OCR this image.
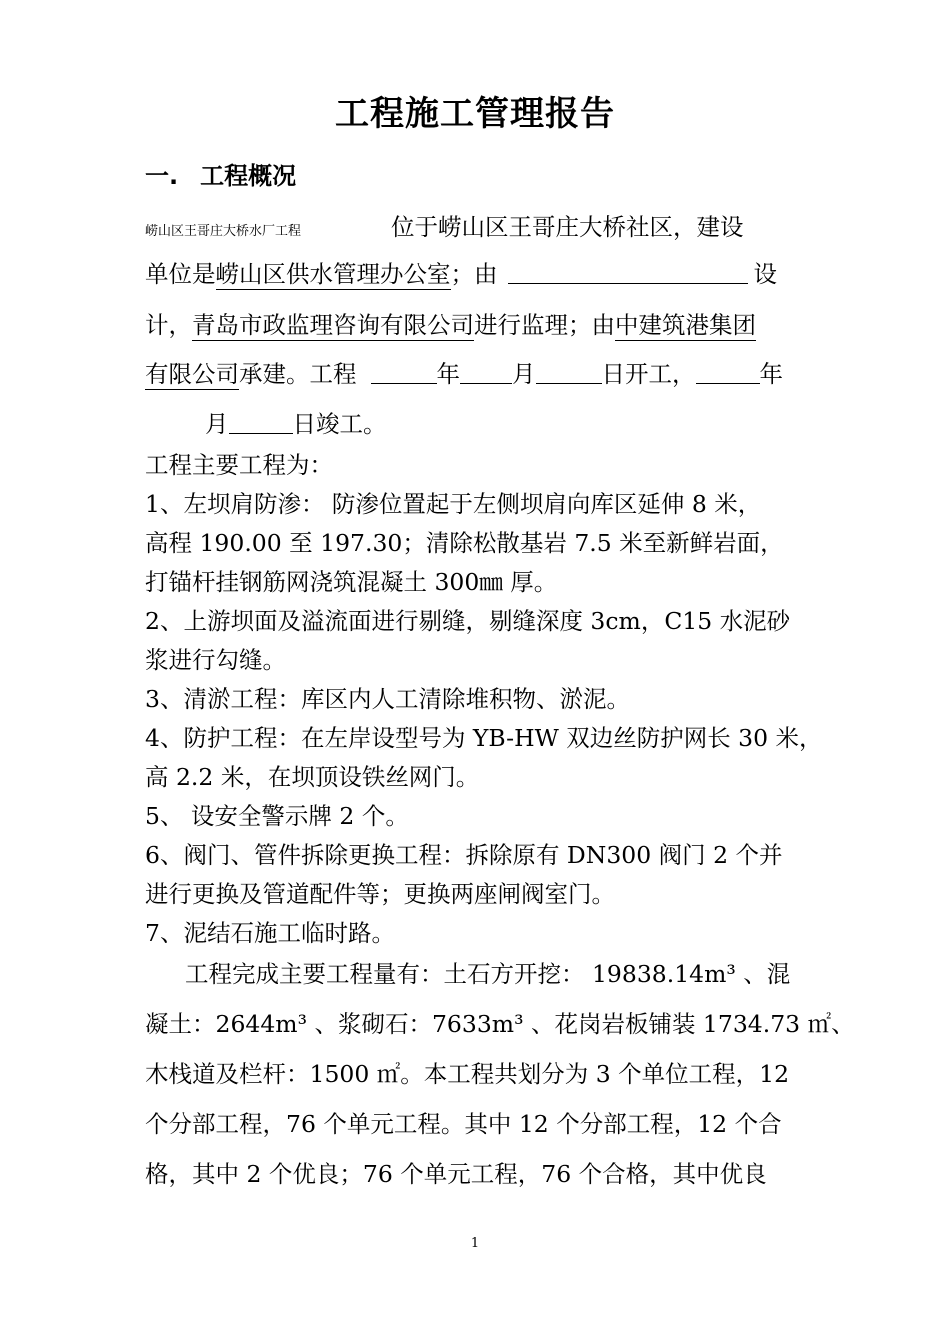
工程施工管理报告
一. 工程概况
崂山区王哥庄大桥水厂工程	位于崂山区王哥庄大桥社区，建设
单位是崂山区供水管理办公室；由	设
计，青岛市政监理咨询有限公司进行监理；由中建筑港集团
有限公司承建。工程	年 月	日开工，	年
月	日竣工。
工程主要工程为：
1、左坝肩防渗： 防渗位置起于左侧坝肩向库区延伸 8 米，
高程 190.00 至 197.30；清除松散基岩 7.5 米至新鲜岩面，
打锚杆挂钢筋网浇筑混凝土 300㎜ 厚。
2、上游坝面及溢流面进行剔缝，剔缝深度 3cm，C15 水泥砂
浆进行勾缝。
3、清淤工程：库区内人工清除堆积物、淤泥。
4、防护工程：在左岸设型号为 YB-HW 双边丝防护网长 30 米，
高 2.2 米，在坝顶设铁丝网门。
5、 设安全警示牌 2 个。
6、阀门、管件拆除更换工程：拆除原有 DN300 阀门 2 个并
进行更换及管道配件等；更换两座闸阀室门。
7、泥结石施工临时路。
工程完成主要工程量有：土石方开挖： 19838.14m³ 、混
凝土：2644m³ 、浆砌石：7633m³ 、花岗岩板铺装 1734.73 ㎡、
木栈道及栏杆：1500 ㎡。本工程共划分为 3 个单位工程，12
个分部工程，76 个单元工程。其中 12 个分部工程，12 个合
格，其中 2 个优良；76 个单元工程，76 个合格，其中优良
1
